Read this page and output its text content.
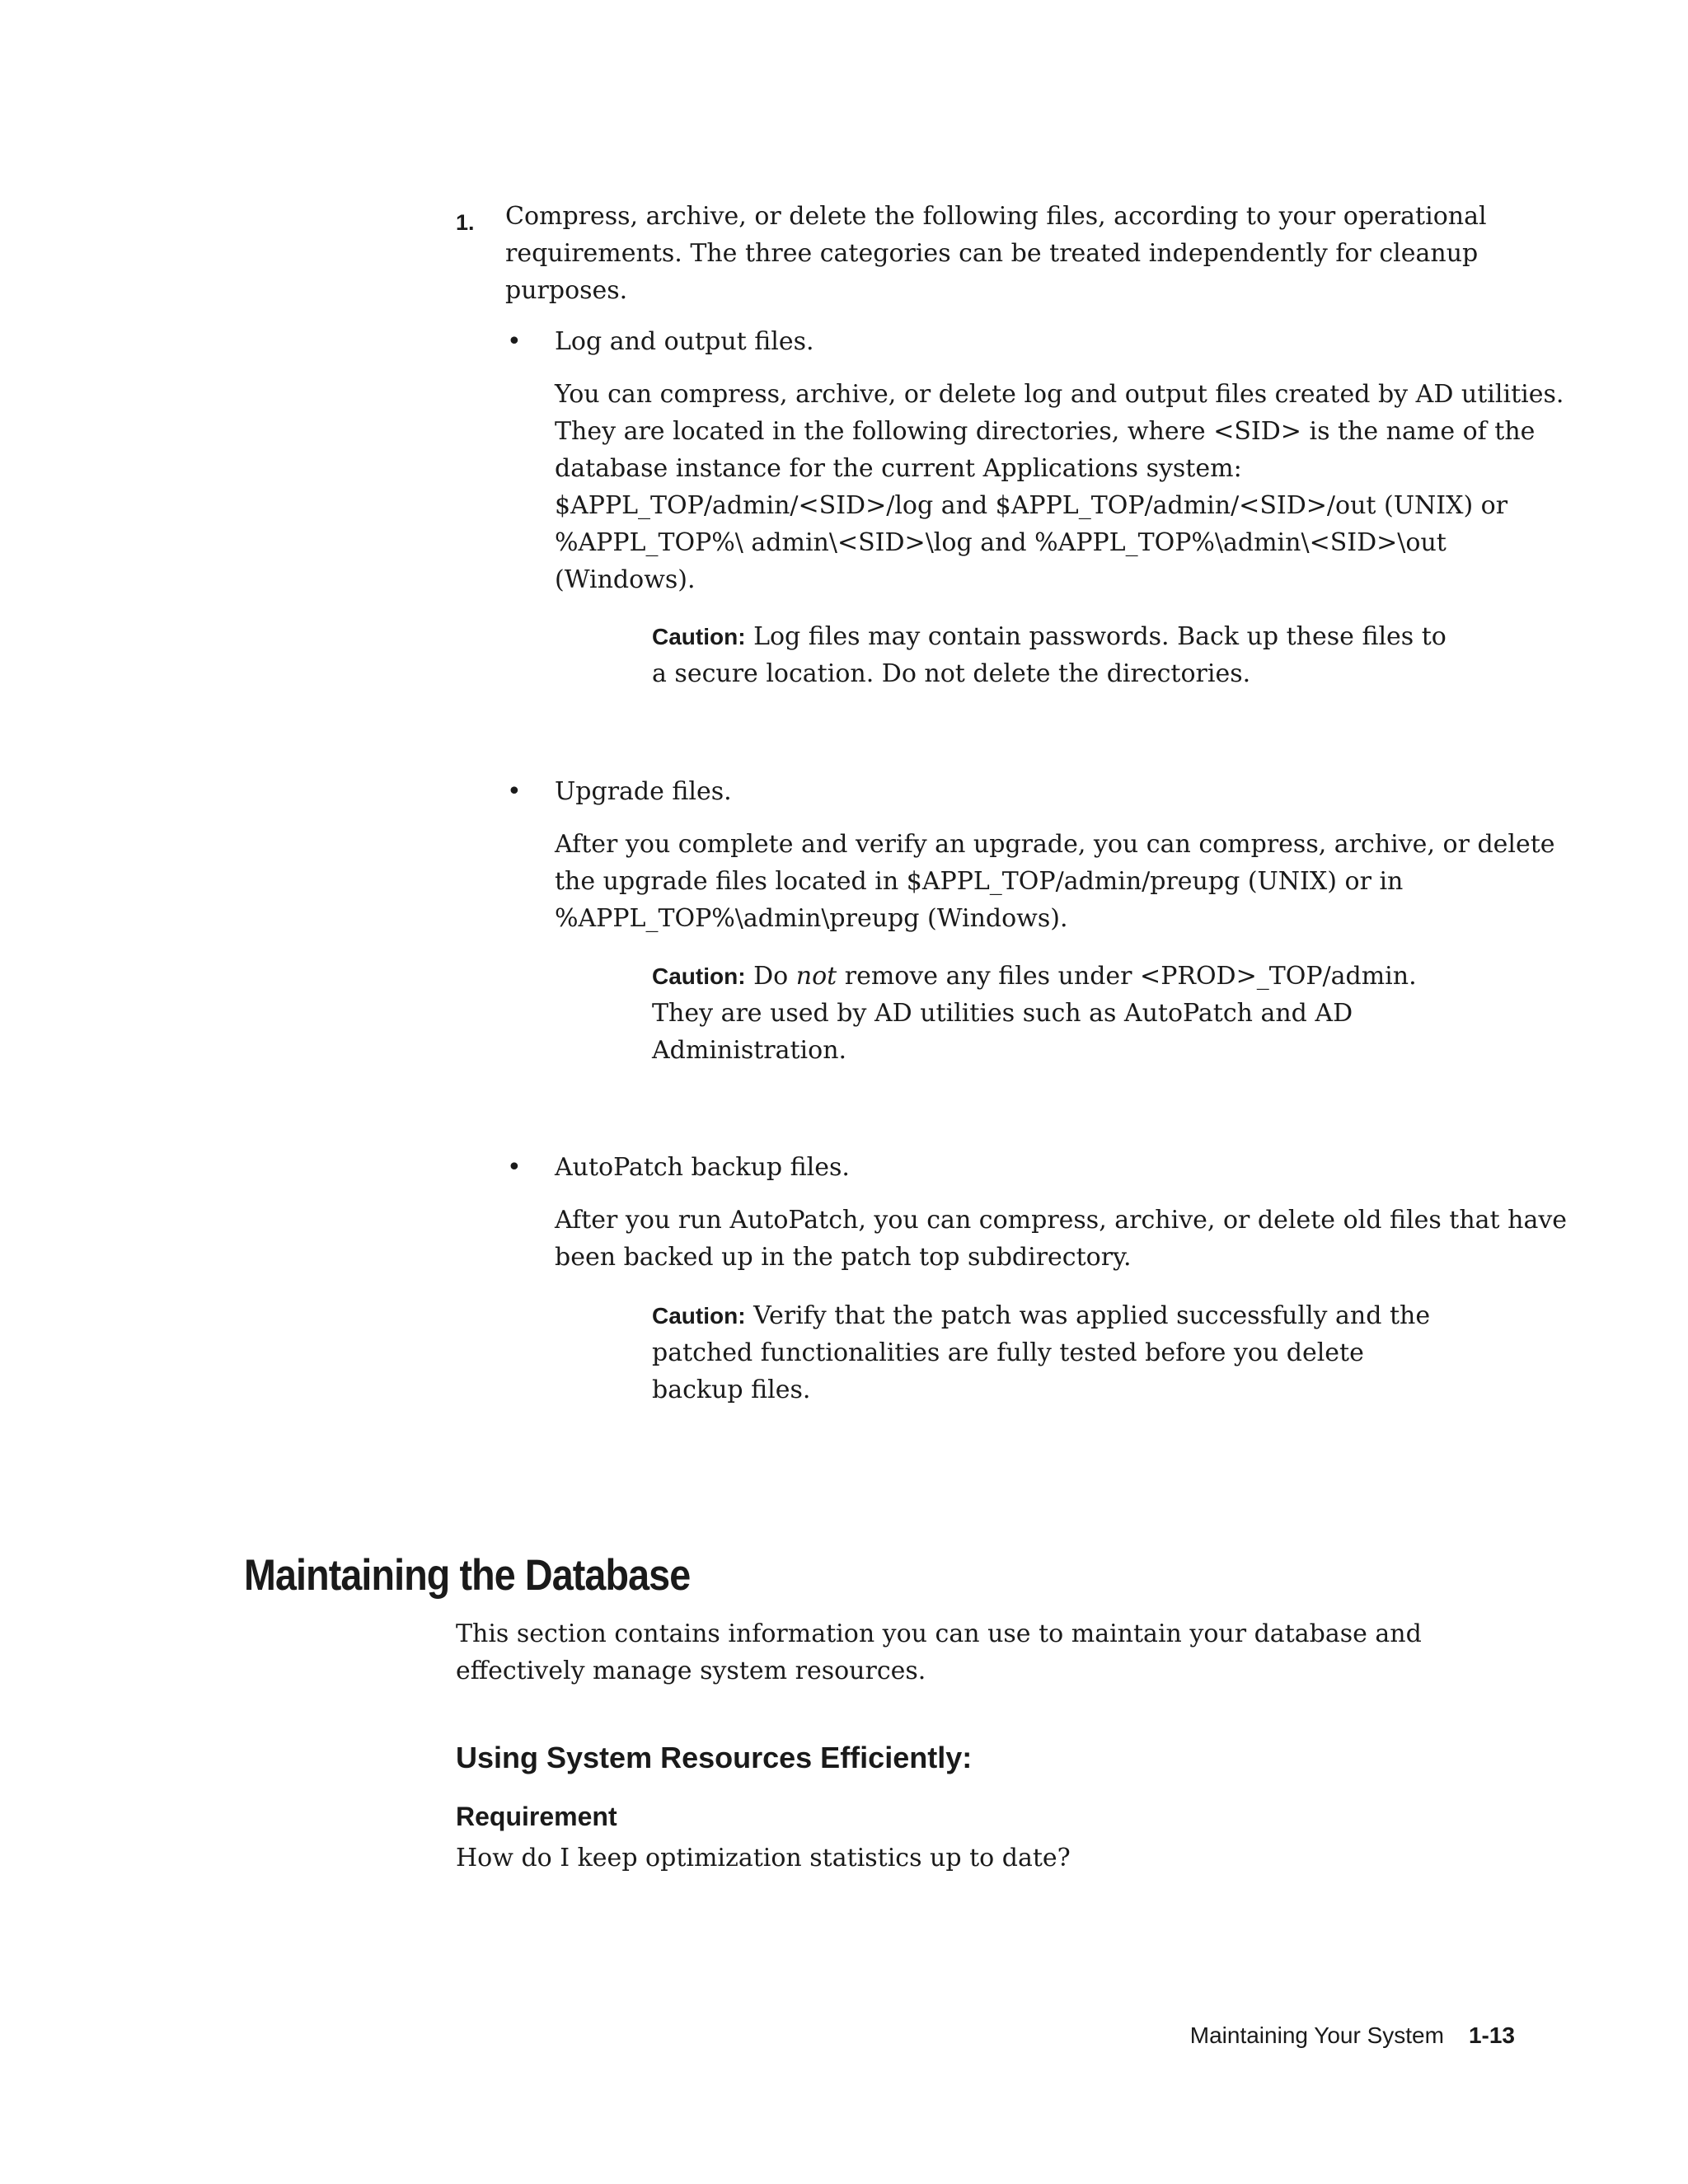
1. Compress, archive, or delete the following files, according to your operational requirements. The three categories can be treated independently for cleanup purposes.

• Log and output files.

You can compress, archive, or delete log and output files created by AD utilities. They are located in the following directories, where <SID> is the name of the database instance for the current Applications system: $APPL_TOP/admin/<SID>/log and $APPL_TOP/admin/<SID>/out (UNIX) or %APPL_TOP%\ admin\<SID>\log and %APPL_TOP%\admin\<SID>\out (Windows).

Caution: Log files may contain passwords. Back up these files to a secure location. Do not delete the directories.

• Upgrade files.

After you complete and verify an upgrade, you can compress, archive, or delete the upgrade files located in $APPL_TOP/admin/preupg (UNIX) or in %APPL_TOP%\admin\preupg (Windows).

Caution: Do not remove any files under <PROD>_TOP/admin. They are used by AD utilities such as AutoPatch and AD Administration.

• AutoPatch backup files.

After you run AutoPatch, you can compress, archive, or delete old files that have been backed up in the patch top subdirectory.

Caution: Verify that the patch was applied successfully and the patched functionalities are fully tested before you delete backup files.

Maintaining the Database

This section contains information you can use to maintain your database and effectively manage system resources.

Using System Resources Efficiently:
Requirement

How do I keep optimization statistics up to date?

Maintaining Your System 1-13
